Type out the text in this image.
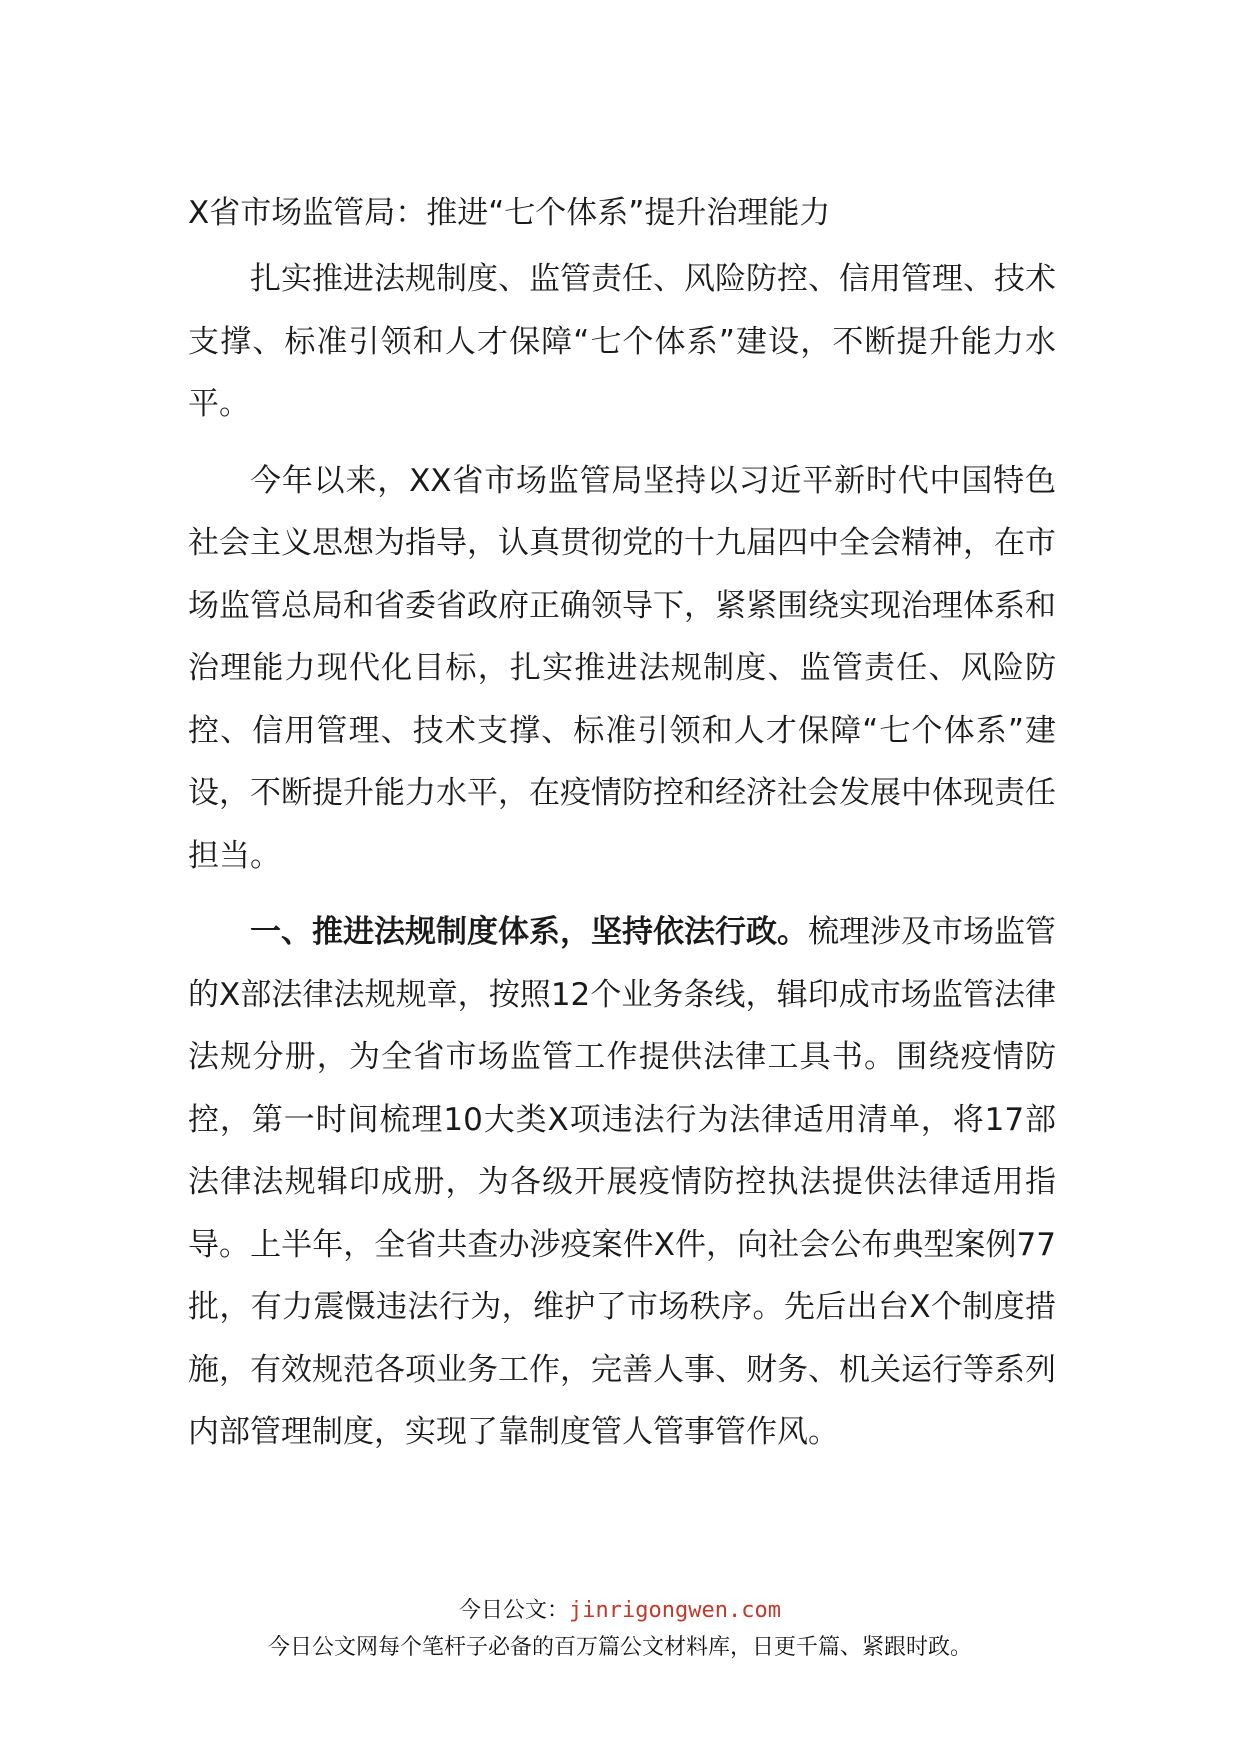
X省市场监管局：推进“七个体系”提升治理能力

扎实推进法规制度、监管责任、风险防控、信用管理、技术支撑、标准引领和人才保障“七个体系”建设，不断提升能力水平。

今年以来，XX省市场监管局坚持以习近平新时代中国特色社会主义思想为指导，认真贯彻党的十九届四中全会精神，在市场监管总局和省委省政府正确领导下，紧紧围绕实现治理体系和治理能力现代化目标，扎实推进法规制度、监管责任、风险防控、信用管理、技术支撑、标准引领和人才保障“七个体系”建设，不断提升能力水平，在疫情防控和经济社会发展中体现责任担当。

一、推进法规制度体系，坚持依法行政。梳理涉及市场监管的X部法律法规规章，按照12个业务条线，辑印成市场监管法律法规分册，为全省市场监管工作提供法律工具书。围绕疫情防控，第一时间梳理10大类X项违法行为法律适用清单，将17部法律法规辑印成册，为各级开展疫情防控执法提供法律适用指导。上半年，全省共查办涉疫案件X件，向社会公布典型案例77批，有力震慑违法行为，维护了市场秩序。先后出台X个制度措施，有效规范各项业务工作，完善人事、财务、机关运行等系列内部管理制度，实现了靠制度管人管事管作风。

今日公文：jinrigongwen.com
今日公文网每个笔杆子必备的百万篇公文材料库，日更千篇、紧跟时政。
